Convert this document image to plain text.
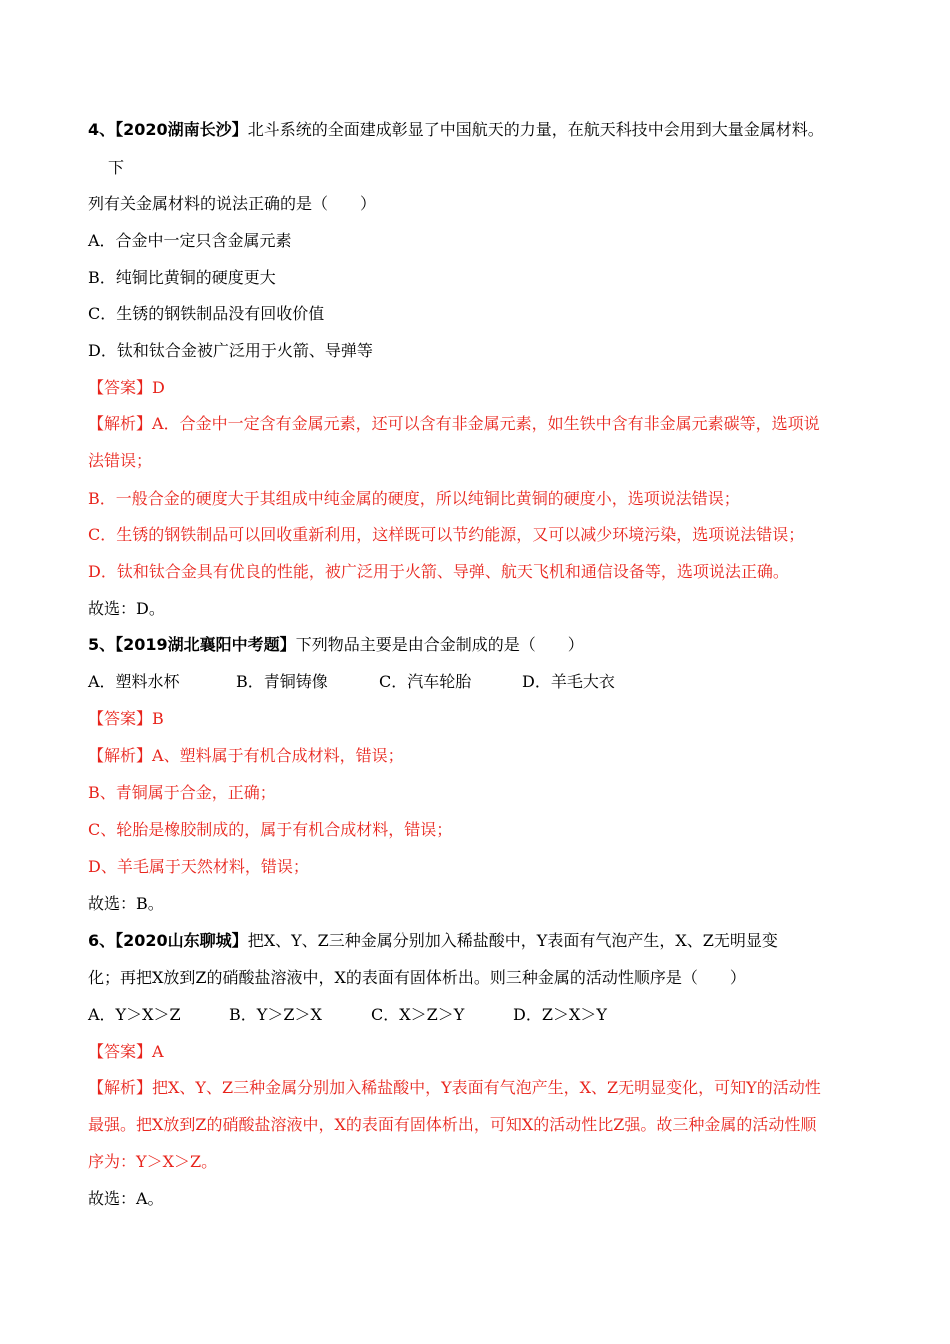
4、【2020湖南长沙】北斗系统的全面建成彰显了中国航天的力量，在航天科技中会用到大量金属材料。
下
列有关金属材料的说法正确的是（　　）
A．合金中一定只含金属元素
B．纯铜比黄铜的硬度更大
C．生锈的钢铁制品没有回收价值
D．钛和钛合金被广泛用于火箭、导弹等
【答案】D
【解析】A．合金中一定含有金属元素，还可以含有非金属元素，如生铁中含有非金属元素碳等，选项说
法错误；
B．一般合金的硬度大于其组成中纯金属的硬度，所以纯铜比黄铜的硬度小，选项说法错误；
C．生锈的钢铁制品可以回收重新利用，这样既可以节约能源，又可以减少环境污染，选项说法错误；
D．钛和钛合金具有优良的性能，被广泛用于火箭、导弹、航天飞机和通信设备等，选项说法正确。
故选：D。
5、【2019湖北襄阳中考题】下列物品主要是由合金制成的是（　　）
A．塑料水杯	B．青铜铸像	C．汽车轮胎	D．羊毛大衣
【答案】B
【解析】A、塑料属于有机合成材料，错误；
B、青铜属于合金，正确；
C、轮胎是橡胶制成的，属于有机合成材料，错误；
D、羊毛属于天然材料，错误；
故选：B。
6、【2020山东聊城】把X、Y、Z三种金属分别加入稀盐酸中，Y表面有气泡产生，X、Z无明显变
化；再把X放到Z的硝酸盐溶液中，X的表面有固体析出。则三种金属的活动性顺序是（　　）
A．Y＞X＞Z	B．Y＞Z＞X	C．X＞Z＞Y	D．Z＞X＞Y
【答案】A
【解析】把X、Y、Z三种金属分别加入稀盐酸中，Y表面有气泡产生，X、Z无明显变化，可知Y的活动性
最强。把X放到Z的硝酸盐溶液中，X的表面有固体析出，可知X的活动性比Z强。故三种金属的活动性顺
序为：Y＞X＞Z。
故选：A。
